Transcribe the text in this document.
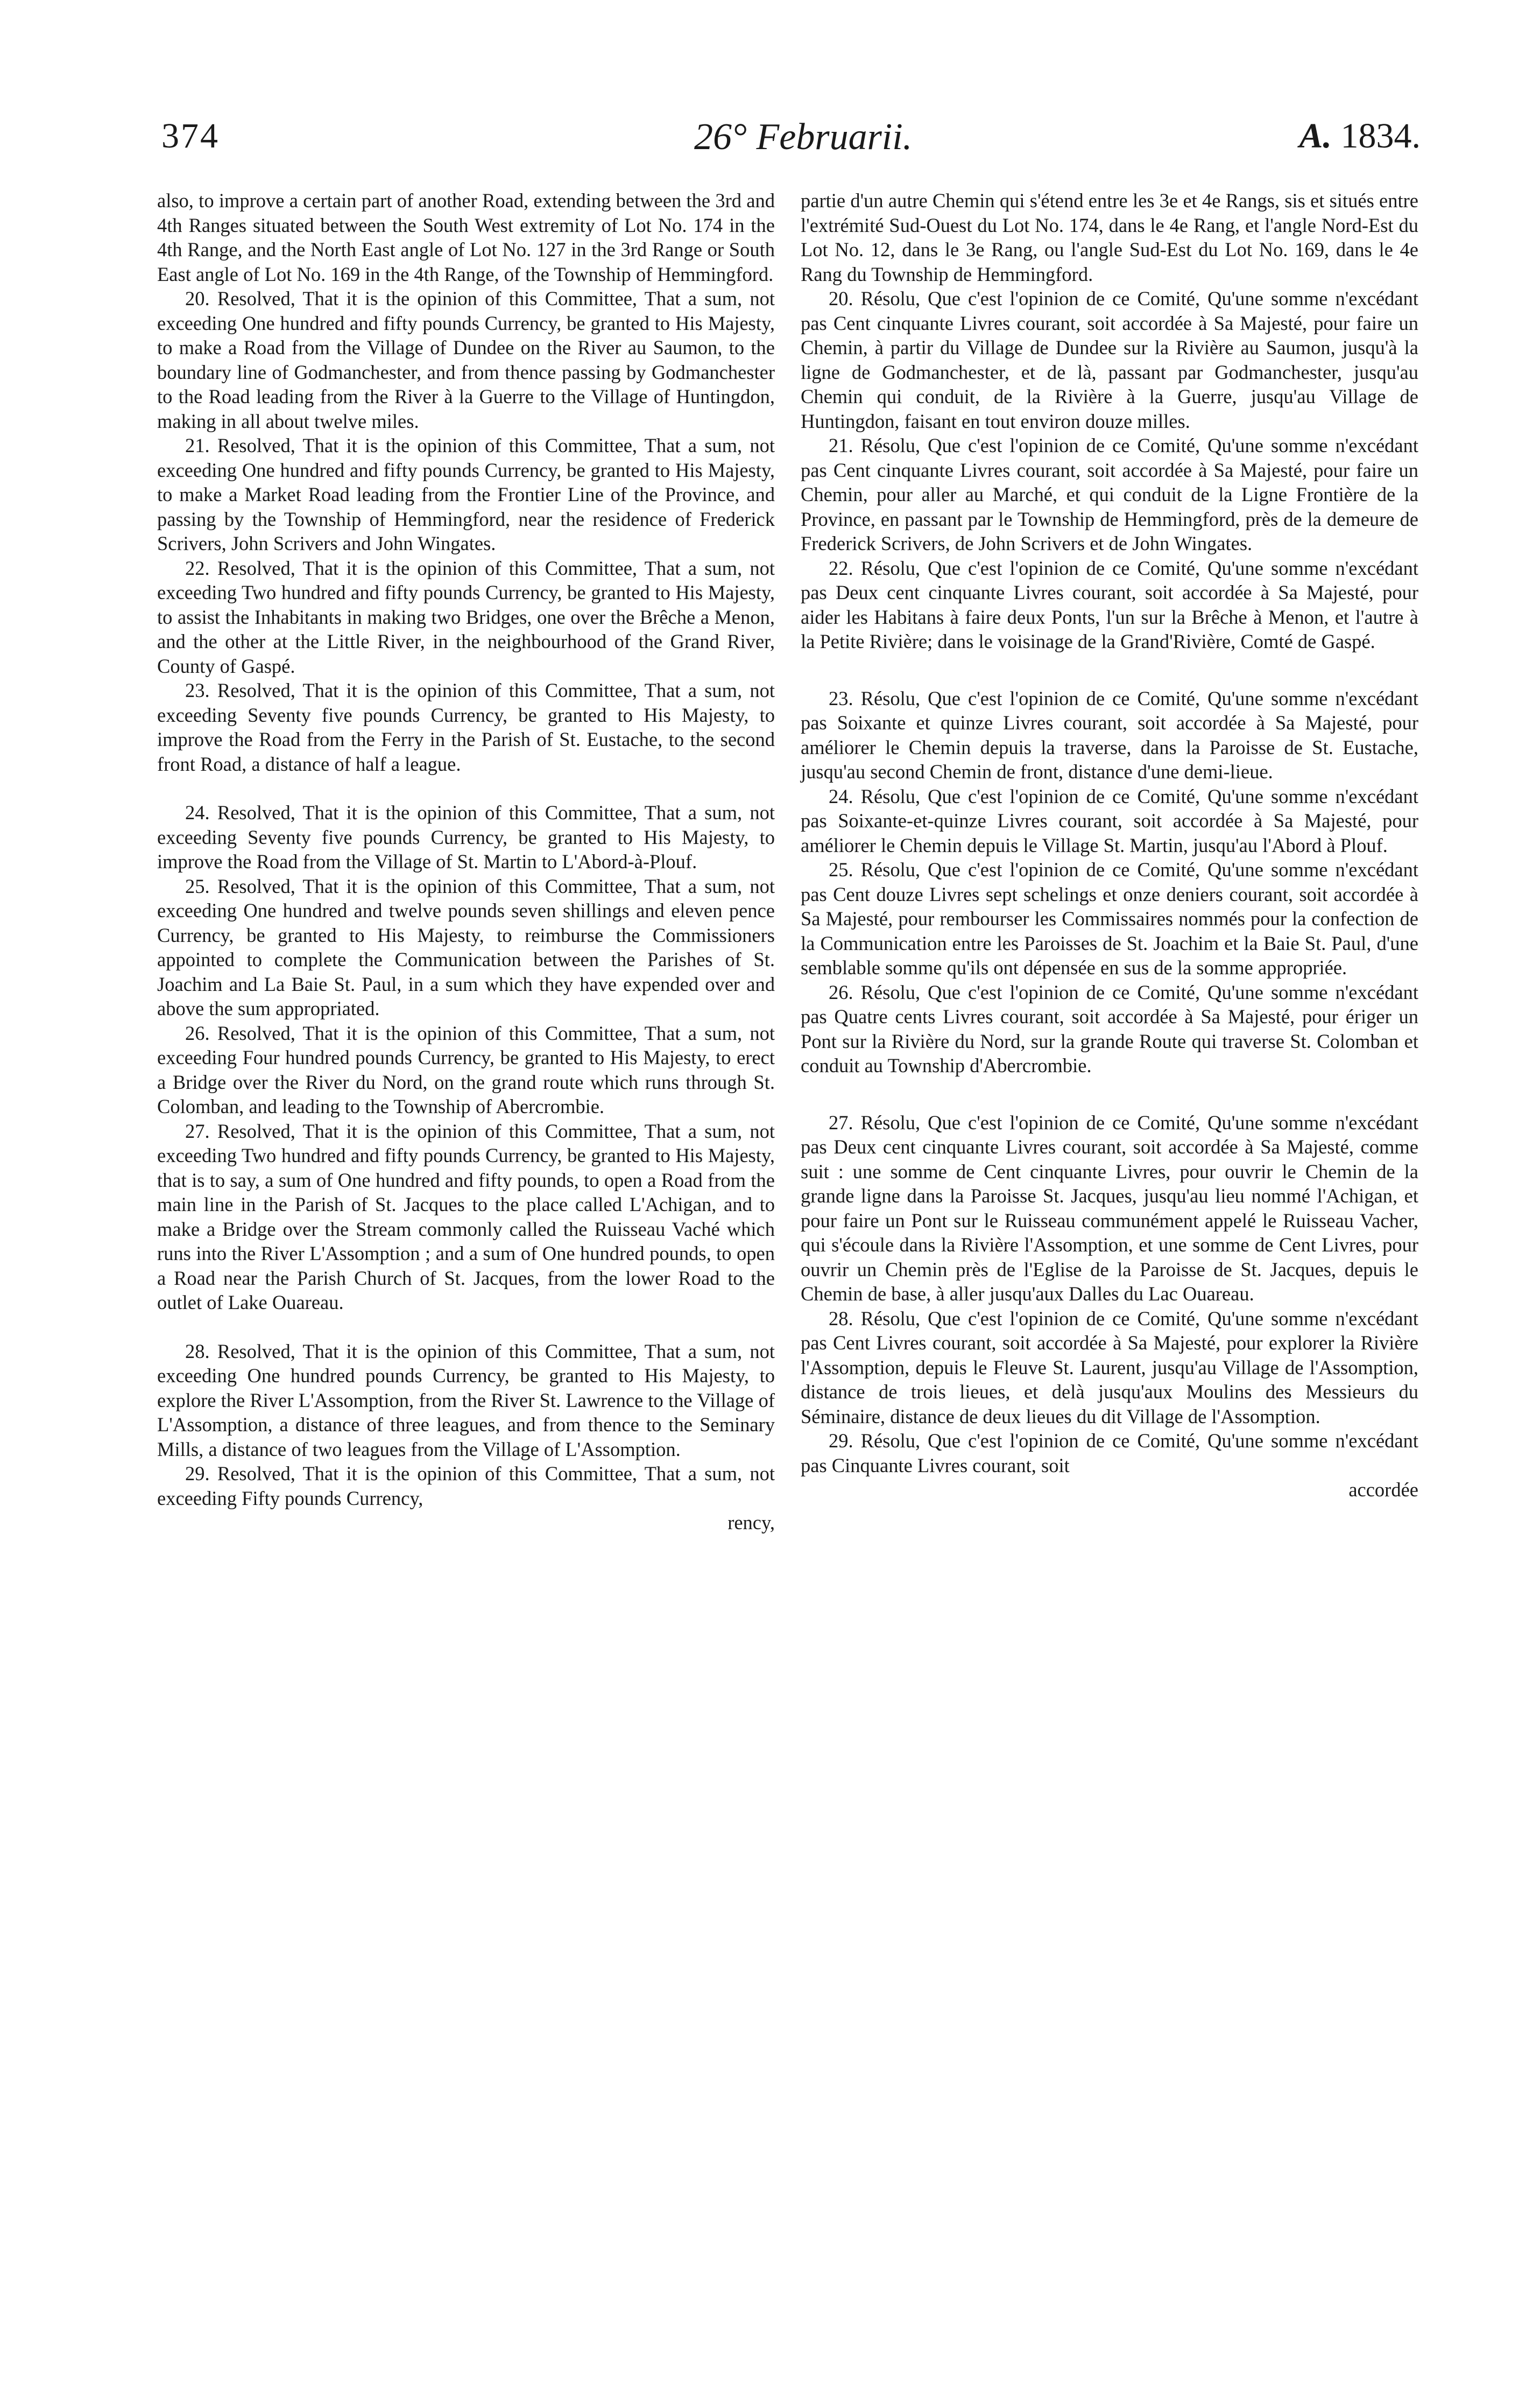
374	26° Februarii.	A. 1834.

also, to improve a certain part of another Road, extending between the 3rd and 4th Ranges situated between the South West extremity of Lot No. 174 in the 4th Range, and the North East angle of Lot No. 127 in the 3rd Range or South East angle of Lot No. 169 in the 4th Range, of the Township of Hemmingford.

20. Resolved, That it is the opinion of this Committee, That a sum, not exceeding One hundred and fifty pounds Currency, be granted to His Majesty, to make a Road from the Village of Dundee on the River au Saumon, to the boundary line of Godmanchester, and from thence passing by Godmanchester to the Road leading from the River à la Guerre to the Village of Huntingdon, making in all about twelve miles.

21. Resolved, That it is the opinion of this Committee, That a sum, not exceeding One hundred and fifty pounds Currency, be granted to His Majesty, to make a Market Road leading from the Frontier Line of the Province, and passing by the Township of Hemmingford, near the residence of Frederick Scrivers, John Scrivers and John Wingates.

22. Resolved, That it is the opinion of this Committee, That a sum, not exceeding Two hundred and fifty pounds Currency, be granted to His Majesty, to assist the Inhabitants in making two Bridges, one over the Brêche a Menon, and the other at the Little River, in the neighbourhood of the Grand River, County of Gaspé.

23. Resolved, That it is the opinion of this Committee, That a sum, not exceeding Seventy five pounds Currency, be granted to His Majesty, to improve the Road from the Ferry in the Parish of St. Eustache, to the second front Road, a distance of half a league.

24. Resolved, That it is the opinion of this Committee, That a sum, not exceeding Seventy five pounds Currency, be granted to His Majesty, to improve the Road from the Village of St. Martin to L'Abord-à-Plouf.

25. Resolved, That it is the opinion of this Committee, That a sum, not exceeding One hundred and twelve pounds seven shillings and eleven pence Currency, be granted to His Majesty, to reimburse the Commissioners appointed to complete the Communication between the Parishes of St. Joachim and La Baie St. Paul, in a sum which they have expended over and above the sum appropriated.

26. Resolved, That it is the opinion of this Committee, That a sum, not exceeding Four hundred pounds Currency, be granted to His Majesty, to erect a Bridge over the River du Nord, on the grand route which runs through St. Colomban, and leading to the Township of Abercrombie.

27. Resolved, That it is the opinion of this Committee, That a sum, not exceeding Two hundred and fifty pounds Currency, be granted to His Majesty, that is to say, a sum of One hundred and fifty pounds, to open a Road from the main line in the Parish of St. Jacques to the place called L'Achigan, and to make a Bridge over the Stream commonly called the Ruisseau Vaché which runs into the River L'Assomption ; and a sum of One hundred pounds, to open a Road near the Parish Church of St. Jacques, from the lower Road to the outlet of Lake Ouareau.

28. Resolved, That it is the opinion of this Committee, That a sum, not exceeding One hundred pounds Currency, be granted to His Majesty, to explore the River L'Assomption, from the River St. Lawrence to the Village of L'Assomption, a distance of three leagues, and from thence to the Seminary Mills, a distance of two leagues from the Village of L'Assomption.

29. Resolved, That it is the opinion of this Committee, That a sum, not exceeding Fifty pounds Currency,

rency,

partie d'un autre Chemin qui s'étend entre les 3e et 4e Rangs, sis et situés entre l'extrémité Sud-Ouest du Lot No. 174, dans le 4e Rang, et l'angle Nord-Est du Lot No. 12, dans le 3e Rang, ou l'angle Sud-Est du Lot No. 169, dans le 4e Rang du Township de Hemmingford.

20. Résolu, Que c'est l'opinion de ce Comité, Qu'une somme n'excédant pas Cent cinquante Livres courant, soit accordée à Sa Majesté, pour faire un Chemin, à partir du Village de Dundee sur la Rivière au Saumon, jusqu'à la ligne de Godmanchester, et de là, passant par Godmanchester, jusqu'au Chemin qui conduit, de la Rivière à la Guerre, jusqu'au Village de Huntingdon, faisant en tout environ douze milles.

21. Résolu, Que c'est l'opinion de ce Comité, Qu'une somme n'excédant pas Cent cinquante Livres courant, soit accordée à Sa Majesté, pour faire un Chemin, pour aller au Marché, et qui conduit de la Ligne Frontière de la Province, en passant par le Township de Hemmingford, près de la demeure de Frederick Scrivers, de John Scrivers et de John Wingates.

22. Résolu, Que c'est l'opinion de ce Comité, Qu'une somme n'excédant pas Deux cent cinquante Livres courant, soit accordée à Sa Majesté, pour aider les Habitans à faire deux Ponts, l'un sur la Brêche à Menon, et l'autre à la Petite Rivière; dans le voisinage de la Grand'Rivière, Comté de Gaspé.

23. Résolu, Que c'est l'opinion de ce Comité, Qu'une somme n'excédant pas Soixante et quinze Livres courant, soit accordée à Sa Majesté, pour améliorer le Chemin depuis la traverse, dans la Paroisse de St. Eustache, jusqu'au second Chemin de front, distance d'une demi-lieue.

24. Résolu, Que c'est l'opinion de ce Comité, Qu'une somme n'excédant pas Soixante-et-quinze Livres courant, soit accordée à Sa Majesté, pour améliorer le Chemin depuis le Village St. Martin, jusqu'au l'Abord à Plouf.

25. Résolu, Que c'est l'opinion de ce Comité, Qu'une somme n'excédant pas Cent douze Livres sept schelings et onze deniers courant, soit accordée à Sa Majesté, pour rembourser les Commissaires nommés pour la confection de la Communication entre les Paroisses de St. Joachim et la Baie St. Paul, d'une semblable somme qu'ils ont dépensée en sus de la somme appropriée.

26. Résolu, Que c'est l'opinion de ce Comité, Qu'une somme n'excédant pas Quatre cents Livres courant, soit accordée à Sa Majesté, pour ériger un Pont sur la Rivière du Nord, sur la grande Route qui traverse St. Colomban et conduit au Township d'Abercrombie.

27. Résolu, Que c'est l'opinion de ce Comité, Qu'une somme n'excédant pas Deux cent cinquante Livres courant, soit accordée à Sa Majesté, comme suit : une somme de Cent cinquante Livres, pour ouvrir le Chemin de la grande ligne dans la Paroisse St. Jacques, jusqu'au lieu nommé l'Achigan, et pour faire un Pont sur le Ruisseau communément appelé le Ruisseau Vacher, qui s'écoule dans la Rivière l'Assomption, et une somme de Cent Livres, pour ouvrir un Chemin près de l'Eglise de la Paroisse de St. Jacques, depuis le Chemin de base, à aller jusqu'aux Dalles du Lac Ouareau.

28. Résolu, Que c'est l'opinion de ce Comité, Qu'une somme n'excédant pas Cent Livres courant, soit accordée à Sa Majesté, pour explorer la Rivière l'Assomption, depuis le Fleuve St. Laurent, jusqu'au Village de l'Assomption, distance de trois lieues, et delà jusqu'aux Moulins des Messieurs du Séminaire, distance de deux lieues du dit Village de l'Assomption.

29. Résolu, Que c'est l'opinion de ce Comité, Qu'une somme n'excédant pas Cinquante Livres courant, soit

accordée
